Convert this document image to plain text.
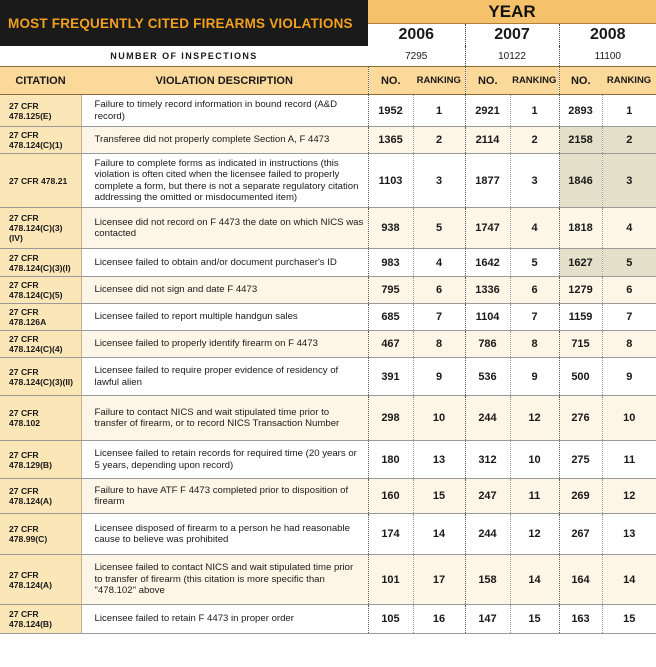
MOST FREQUENTLY CITED FIREARMS VIOLATIONS		YEAR					
		2006		2007		2008	
NUMBER OF INSPECTIONS							
		7295		10122		11100	
CITATION	VIOLATION DESCRIPTION	NO.	RANKING	NO.	RANKING	NO.	RANKING
27 CFR
478.125(E)	Failure to timely record information in bound record (A&D record)	1952	1	2921	1	2893	1
27 CFR
478.124(C)(1)	Transferee did not properly complete Section A, F 4473	1365	2	2114	2	2158	2
27 CFR 478.21	Failure to complete forms as indicated in instructions (this violation is often cited when the licensee failed to properly complete a form, but there is not a separate regulatory citation addressing the omitted or misdocumented item)	1103	3	1877	3	1846	3
27 CFR
478.124(C)(3)
(IV)	Licensee did not record on F 4473 the date on which NICS was contacted	938	5	1747	4	1818	4
27 CFR
478.124(C)(3)(I)	Licensee failed to obtain and/or document purchaser's ID	983	4	1642	5	1627	5
27 CFR
478.124(C)(5)	Licensee did not sign and date F 4473	795	6	1336	6	1279	6
27 CFR
478.126A	Licensee failed to report multiple handgun sales	685	7	1104	7	1159	7
27 CFR
478.124(C)(4)	Licensee failed to properly identify firearm on F 4473	467	8	786	8	715	8
27 CFR
478.124(C)(3)(II)	Licensee failed to require proper evidence of residency of lawful alien	391	9	536	9	500	9
27 CFR
478.102	Failure to contact NICS and wait stipulated time prior to transfer of firearm, or to record NICS Transaction Number	298	10	244	12	276	10
27 CFR
478.129(B)	Licensee failed to retain records for required time (20 years or 5 years, depending upon record)	180	13	312	10	275	11
27 CFR
478.124(A)	Failure to have ATF F 4473 completed prior to disposition of firearm	160	15	247	11	269	12
27 CFR
478.99(C)	Licensee disposed of firearm to a person he had reasonable cause to believe was prohibited	174	14	244	12	267	13
27 CFR
478.124(A)	Licensee failed to contact NICS and wait stipulated time prior to transfer of firearm (this citation is more specific than "478.102" above	101	17	158	14	164	14
27 CFR
478.124(B)	Licensee failed to retain F 4473 in proper order	105	16	147	15	163	15
